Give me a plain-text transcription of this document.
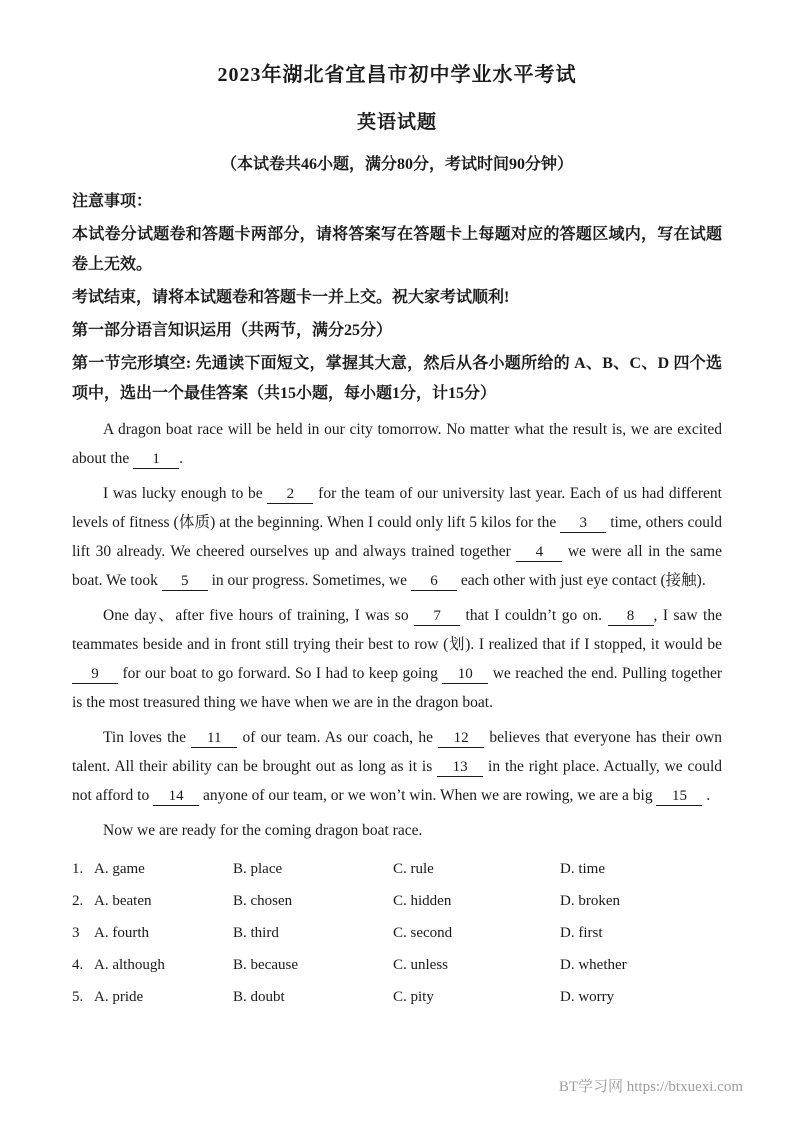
2023年湖北省宜昌市初中学业水平考试
英语试题
（本试卷共46小题，满分80分，考试时间90分钟）
注意事项：
本试卷分试题卷和答题卡两部分，请将答案写在答题卡上每题对应的答题区域内，写在试题卷上无效。
考试结束，请将本试题卷和答题卡一并上交。祝大家考试顺利!
第一部分语言知识运用（共两节，满分25分）
第一节完形填空: 先通读下面短文，掌握其大意，然后从各小题所给的 A、B、C、D 四个选项中，选出一个最佳答案（共15小题，每小题1分，计15分）

A dragon boat race will be held in our city tomorrow. No matter what the result is, we are excited about the 1 .

I was lucky enough to be 2 for the team of our university last year. Each of us had different levels of fitness (体质) at the beginning. When I could only lift 5 kilos for the 3 time, others could lift 30 already. We cheered ourselves up and always trained together 4 we were all in the same boat. We took 5 in our progress. Sometimes, we 6 each other with just eye contact (接触).

One day、after five hours of training, I was so 7 that I couldn’t go on. 8 , I saw the teammates beside and in front still trying their best to row (划). I realized that if I stopped, it would be 9 for our boat to go forward. So I had to keep going 10 we reached the end. Pulling together is the most treasured thing we have when we are in the dragon boat.

Tin loves the 11 of our team. As our coach, he 12 believes that everyone has their own talent. All their ability can be brought out as long as it is 13 in the right place. Actually, we could not afford to 14 anyone of our team, or we won’t win. When we are rowing, we are a big 15 .

Now we are ready for the coming dragon boat race.

1. A. game	B. place	C. rule	D. time
2. A. beaten	B. chosen	C. hidden	D. broken
3 A. fourth	B. third	C. second	D. first
4. A. although	B. because	C. unless	D. whether
5. A. pride	B. doubt	C. pity	D. worry
BT学习网 https://btxuexi.com
